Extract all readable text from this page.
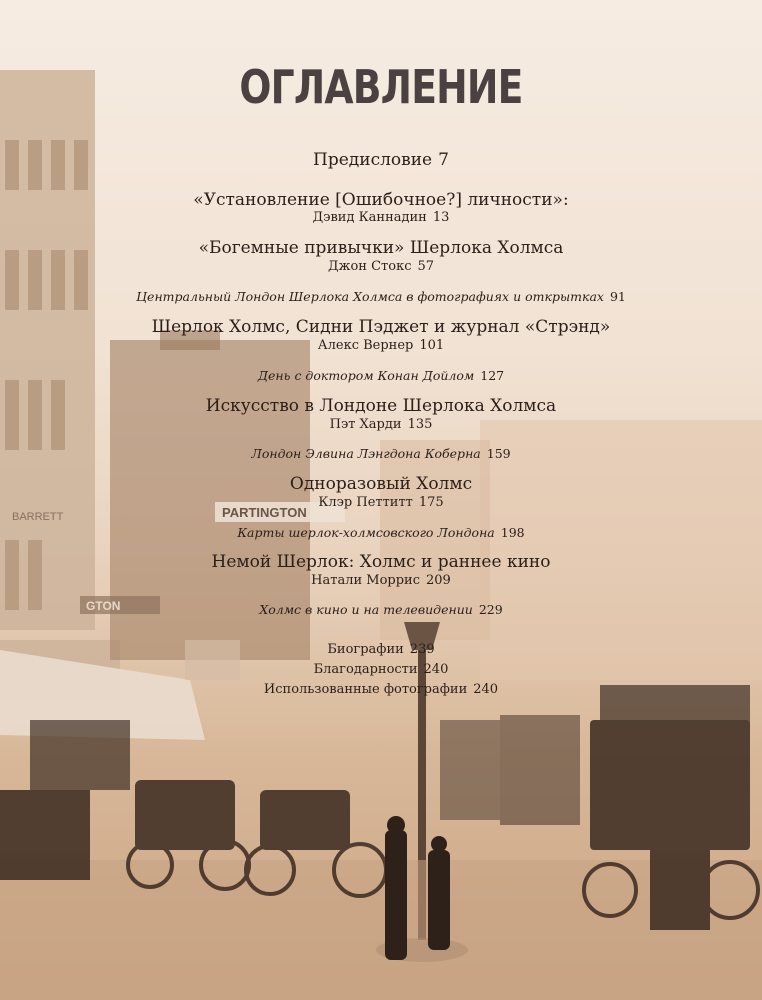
PARTINGTON
BARRETT
GTON
ОГЛАВЛЕНИЕ
Предисловие 7
«Установление [Ошибочное?] личности»:
Дэвид Каннадин 13
«Богемные привычки» Шерлока Холмса
Джон Стокс 57
Центральный Лондон Шерлока Холмса в фотографиях и открытках 91
Шерлок Холмс, Сидни Пэджет и журнал «Стрэнд»
Алекс Вернер 101
День с доктором Конан Дойлом 127
Искусство в Лондоне Шерлока Холмса
Пэт Харди 135
Лондон Элвина Лэнгдона Коберна 159
Одноразовый Холмс
Клэр Петтитт 175
Карты шерлок-холмсовского Лондона 198
Немой Шерлок: Холмс и раннее кино
Натали Моррис 209
Холмс в кино и на телевидении 229
Биографии 239
Благодарности 240
Использованные фотографии 240
